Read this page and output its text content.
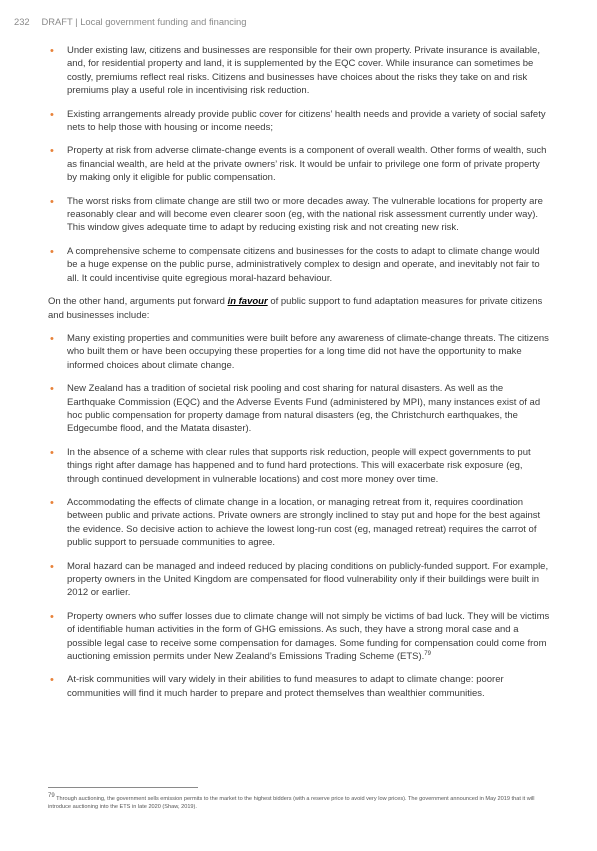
232 DRAFT | Local government funding and financing
• Under existing law, citizens and businesses are responsible for their own property. Private insurance is available, and, for residential property and land, it is supplemented by the EQC cover. While insurance can sometimes be costly, premiums reflect real risks. Citizens and businesses have choices about the risks they take on and risk premiums play a useful role in incentivising risk reduction.
• Existing arrangements already provide public cover for citizens’ health needs and provide a variety of social safety nets to help those with housing or income needs;
• Property at risk from adverse climate-change events is a component of overall wealth. Other forms of wealth, such as financial wealth, are held at the private owners’ risk. It would be unfair to privilege one form of private property by making only it eligible for public compensation.
• The worst risks from climate change are still two or more decades away. The vulnerable locations for property are reasonably clear and will become even clearer soon (eg, with the national risk assessment currently under way). This window gives adequate time to adapt by reducing existing risk and not creating new risk.
• A comprehensive scheme to compensate citizens and businesses for the costs to adapt to climate change would be a huge expense on the public purse, administratively complex to design and operate, and inevitably not fair to all. It could incentivise quite egregious moral-hazard behaviour.

On the other hand, arguments put forward in favour of public support to fund adaptation measures for private citizens and businesses include:

• Many existing properties and communities were built before any awareness of climate-change threats. The citizens who built them or have been occupying these properties for a long time did not have the opportunity to make informed choices about climate change.
• New Zealand has a tradition of societal risk pooling and cost sharing for natural disasters. As well as the Earthquake Commission (EQC) and the Adverse Events Fund (administered by MPI), many instances exist of ad hoc public compensation for property damage from natural disasters (eg, the Christchurch earthquakes, the Edgecumbe flood, and the Matata disaster).
• In the absence of a scheme with clear rules that supports risk reduction, people will expect governments to put things right after damage has happened and to fund hard protections. This will exacerbate risk exposure (eg, through continued development in vulnerable locations) and cost more money over time.
• Accommodating the effects of climate change in a location, or managing retreat from it, requires coordination between public and private actions. Private owners are strongly inclined to stay put and hope for the best against the evidence. So decisive action to achieve the lowest long-run cost (eg, managed retreat) requires the carrot of public support to persuade communities to agree.
• Moral hazard can be managed and indeed reduced by placing conditions on publicly-funded support. For example, property owners in the United Kingdom are compensated for flood vulnerability only if their buildings were built in 2012 or earlier.
• Property owners who suffer losses due to climate change will not simply be victims of bad luck. They will be victims of identifiable human activities in the form of GHG emissions. As such, they have a strong moral case and a possible legal case to receive some compensation for damages. Some funding for compensation could come from auctioning emission permits under New Zealand’s Emissions Trading Scheme (ETS).$^{79}$
• At-risk communities will vary widely in their abilities to fund measures to adapt to climate change: poorer communities will find it much harder to prepare and protect themselves than wealthier communities.
$^{79}$ Through auctioning, the government sells emission permits to the market to the highest bidders (with a reserve price to avoid very low prices). The government announced in May 2019 that it will introduce auctioning into the ETS in late 2020 (Shaw, 2019).
